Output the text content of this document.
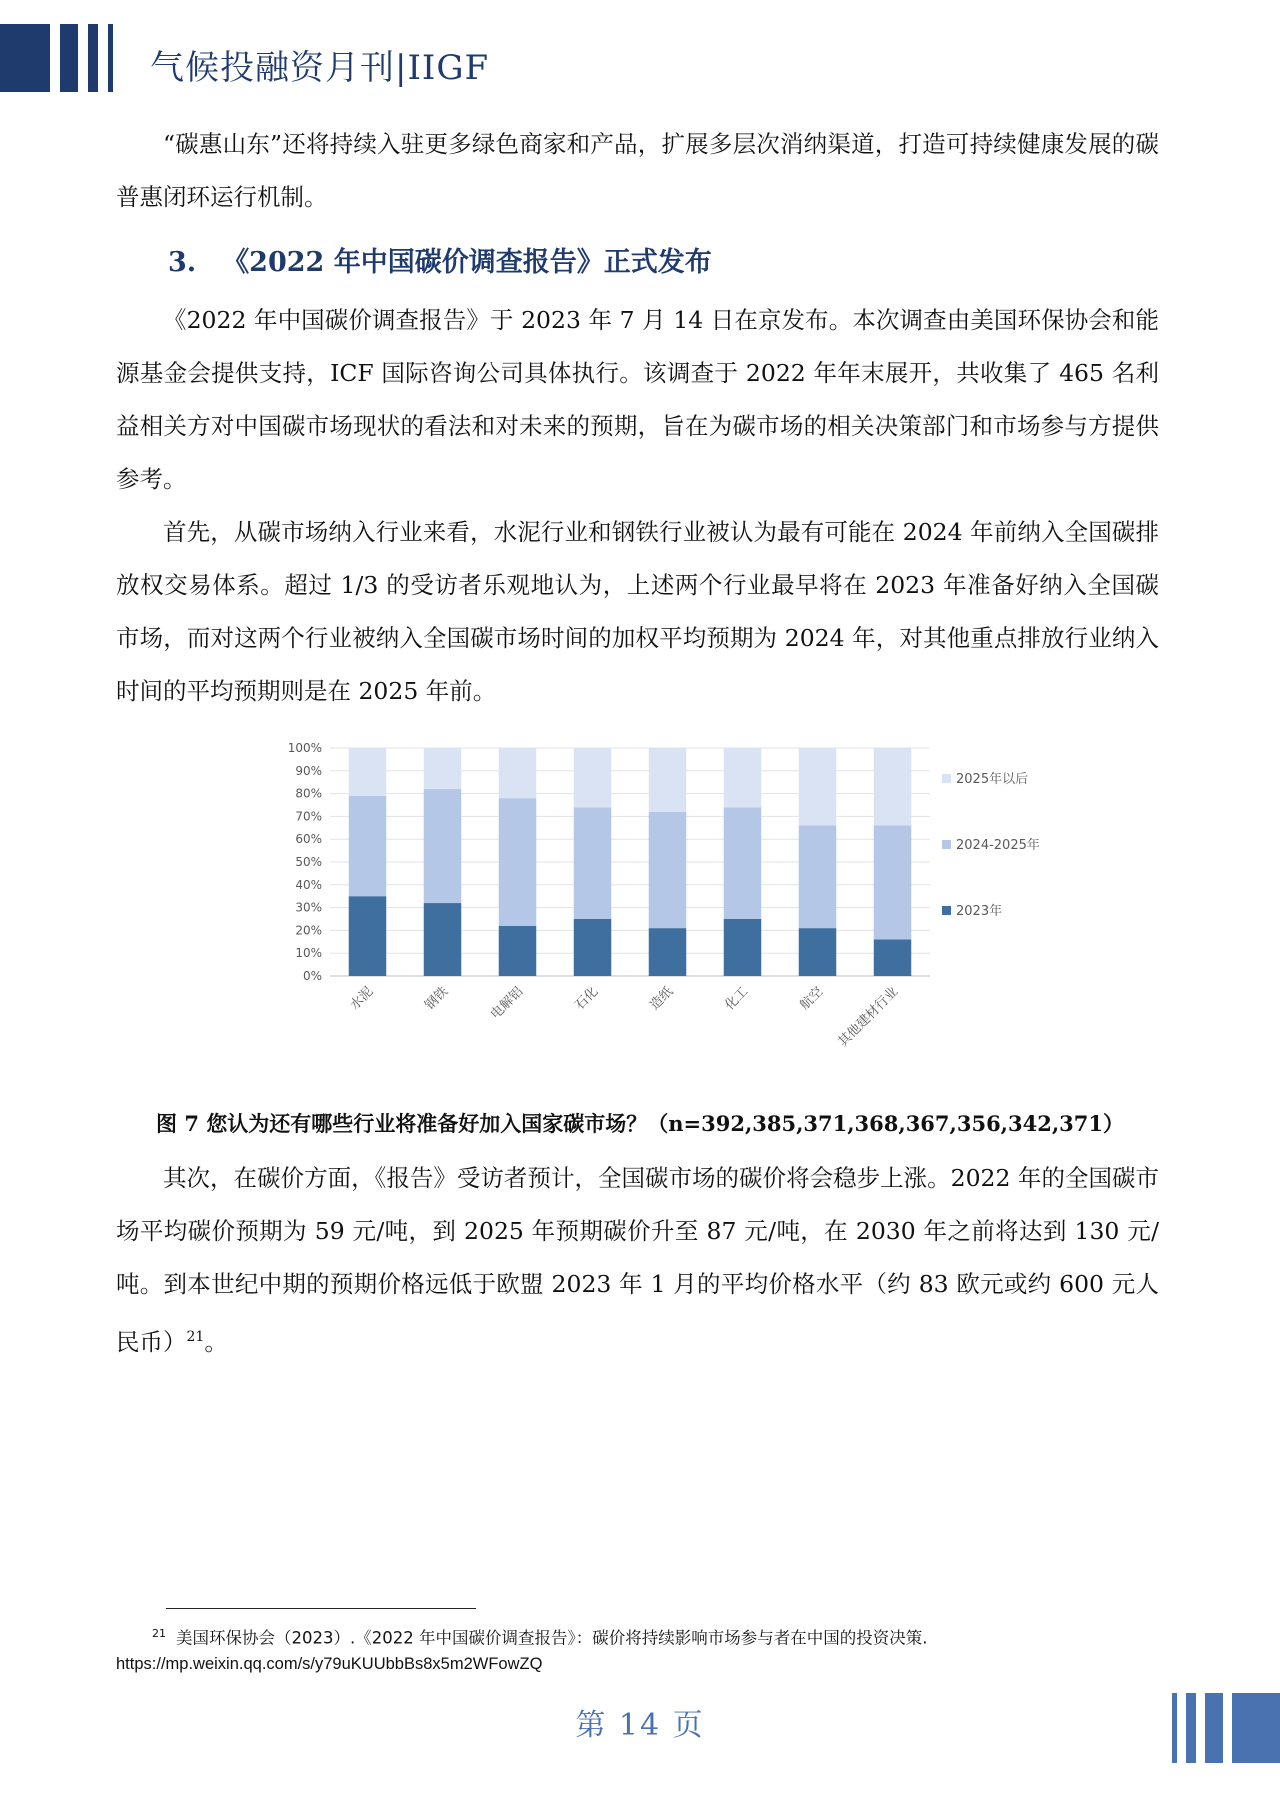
气候投融资月刊|IIGF

“碳惠山东”还将持续入驻更多绿色商家和产品，扩展多层次消纳渠道，打造可持续健康发展的碳普惠闭环运行机制。

3. 《2022 年中国碳价调查报告》正式发布

《2022 年中国碳价调查报告》于 2023 年 7 月 14 日在京发布。本次调查由美国环保协会和能源基金会提供支持，ICF 国际咨询公司具体执行。该调查于 2022 年年末展开，共收集了 465 名利益相关方对中国碳市场现状的看法和对未来的预期，旨在为碳市场的相关决策部门和市场参与方提供参考。

首先，从碳市场纳入行业来看，水泥行业和钢铁行业被认为最有可能在 2024 年前纳入全国碳排放权交易体系。超过 1/3 的受访者乐观地认为，上述两个行业最早将在 2023 年准备好纳入全国碳市场，而对这两个行业被纳入全国碳市场时间的加权平均预期为 2024 年，对其他重点排放行业纳入时间的平均预期则是在 2025 年前。

0%
10%
20%
30%
40%
50%
60%
70%
80%
90%
100%
水泥	钢铁	电解铝	石化	造纸	化工	航空 其他建材行业
2025年以后
2024-2025年
2023年
图 7 您认为还有哪些行业将准备好加入国家碳市场？（n=392,385,371,368,367,356,342,371）

其次，在碳价方面，《报告》受访者预计，全国碳市场的碳价将会稳步上涨。2022 年的全国碳市场平均碳价预期为 59 元/吨，到 2025 年预期碳价升至 87 元/吨，在 2030 年之前将达到 130 元/吨。到本世纪中期的预期价格远低于欧盟 2023 年 1 月的平均价格水平（约 83 欧元或约 600 元人民币）$^{21}$。

$^{21}$ 美国环保协会（2023）.《2022 年中国碳价调查报告》：碳价将持续影响市场参与者在中国的投资决策.
https://mp.weixin.qq.com/s/y79uKUUbbBs8x5m2WFowZQ
第 14 页
